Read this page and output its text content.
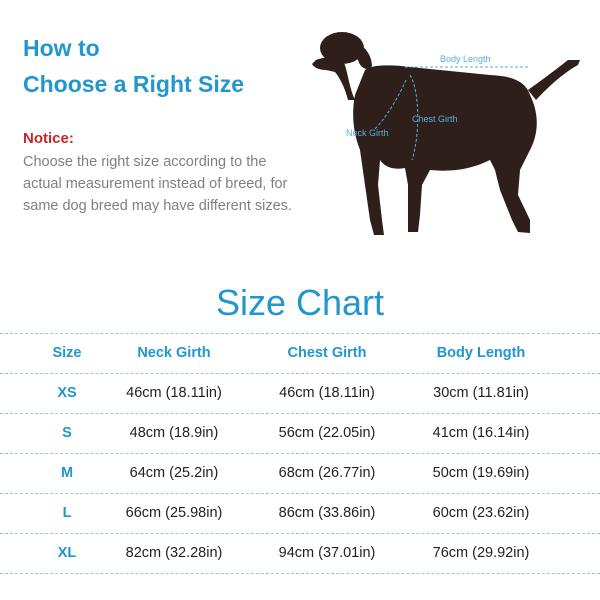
How to
Choose a Right Size
Notice:
Choose the right size according to the actual measurement instead of breed, for same dog breed may have different sizes.
Body Length
Chest Girth
Neck Girth
Size Chart
Size	Neck Girth	Chest Girth	Body Length
XS	46cm (18.11in)	46cm (18.11in)	30cm (11.81in)
S	48cm (18.9in)	56cm (22.05in)	41cm (16.14in)
M	64cm (25.2in)	68cm (26.77in)	50cm (19.69in)
L	66cm (25.98in)	86cm (33.86in)	60cm (23.62in)
XL	82cm (32.28in)	94cm (37.01in)	76cm (29.92in)
